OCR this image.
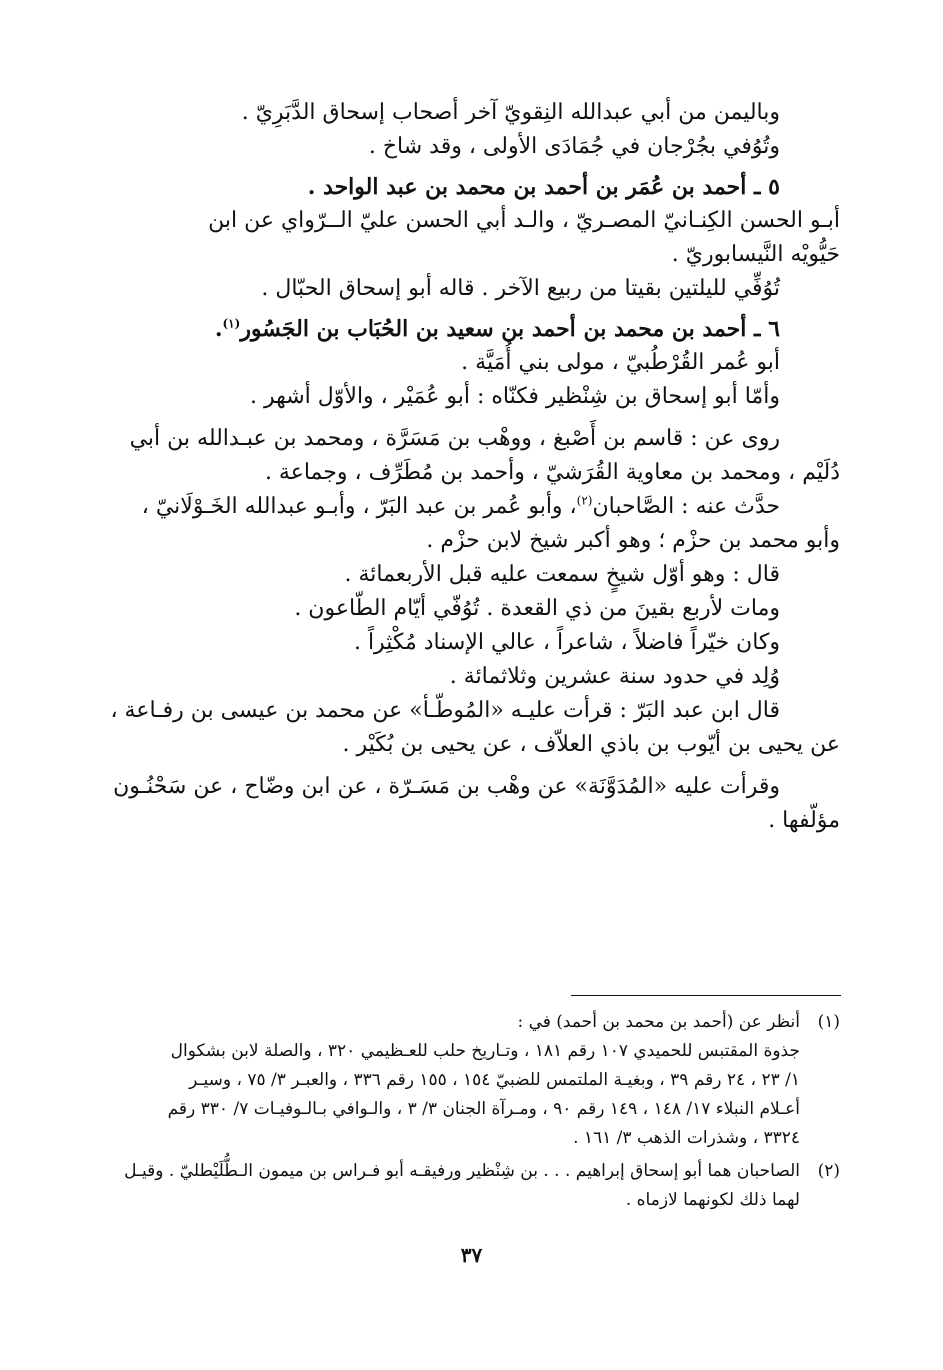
وباليمن من أبي عبدالله النِقويّ آخر أصحاب إسحاق الدَّبَرِيّ .

وتُوُفي بجُرْجان في جُمَادَى الأولى ، وقد شاخ .

٥ ـ أحمد بن عُمَر بن أحمد بن محمد بن عبد الواحد .

أبـو الحسن الكِنـانيّ المصـريّ ، والـد أبي الحسن عليّ الــرّواي عن ابن

حَيُّويْه النَّيسابوريّ .

تُوُفِّي لليلتين بقيتا من ربيع الآخر . قاله أبو إسحاق الحبّال .

٦ ـ أحمد بن محمد بن أحمد بن سعيد بن الحُبَاب بن الجَسُور$^{(١)}$.

أبو عُمر القُرْطُبيّ ، مولى بني أُمَيَّة .

وأمّا أبو إسحاق بن شِنْظير فكنّاه : أبو عُمَيْر ، والأوّل أشهر .

روى عن : قاسم بن أَصْبغ ، ووهْب بن مَسَرَّة ، ومحمد بن عبـدالله بن أبي

دُلَيْم ، ومحمد بن معاوية القُرَشيّ ، وأحمد بن مُطَرِّف ، وجماعة .

حدَّث عنه : الصَّاحبان$^{(٢)}$، وأبو عُمر بن عبد البَرّ ، وأبـو عبدالله الخَـوْلَانيّ ،

وأبو محمد بن حزْم ؛ وهو أكبر شيخ لابن حزْم .

قال : وهو أوّل شيخٍ سمعت عليه قبل الأربعمائة .

ومات لأربع بقينَ من ذي القعدة . تُوُفّي أيّام الطّاعون .

وكان خيّراً فاضلاً ، شاعراً ، عالي الإسناد مُكْثِراً .

وُلِد في حدود سنة عشرين وثلاثمائة .

قال ابن عبد البَرّ : قرأت عليـه «المُوطّـأ» عن محمد بن عيسى بن رفـاعة ،

عن يحيى بن أيّوب بن باذي العلاّف ، عن يحيى بن بُكَيْر .

وقرأت عليه «المُدَوَّنَة» عن وهْب بن مَسَـرّة ، عن ابن وضّاح ، عن سَحْنُـون

مؤلّفها .

(١)
أنظر عن (أحمد بن محمد بن أحمد) في :
جذوة المقتبس للحميدي ١٠٧ رقم ١٨١ ، وتـاريخ حلب للعـظيمي ٣٢٠ ، والصلة لابن بشكوال
١/ ٢٣ ، ٢٤ رقم ٣٩ ، وبغيـة الملتمس للضبيّ ١٥٤ ، ١٥٥ رقم ٣٣٦ ، والعبـر ٣/ ٧٥ ، وسيـر
أعـلام النبلاء ١٧/ ١٤٨ ، ١٤٩ رقم ٩٠ ، ومـرآة الجنان ٣/ ٣ ، والـوافي بـالـوفيـات ٧/ ٣٣٠ رقم
٣٣٢٤ ، وشذرات الذهب ٣/ ١٦١ .
(٢)
الصاحبان هما أبو إسحاق إبراهيم . . . بن شِنْظير ورفيقـه أبو فـراس بن ميمون الـطُّلَيْطليّ . وقيـل
لهما ذلك لكونهما لازماه .
٣٧
